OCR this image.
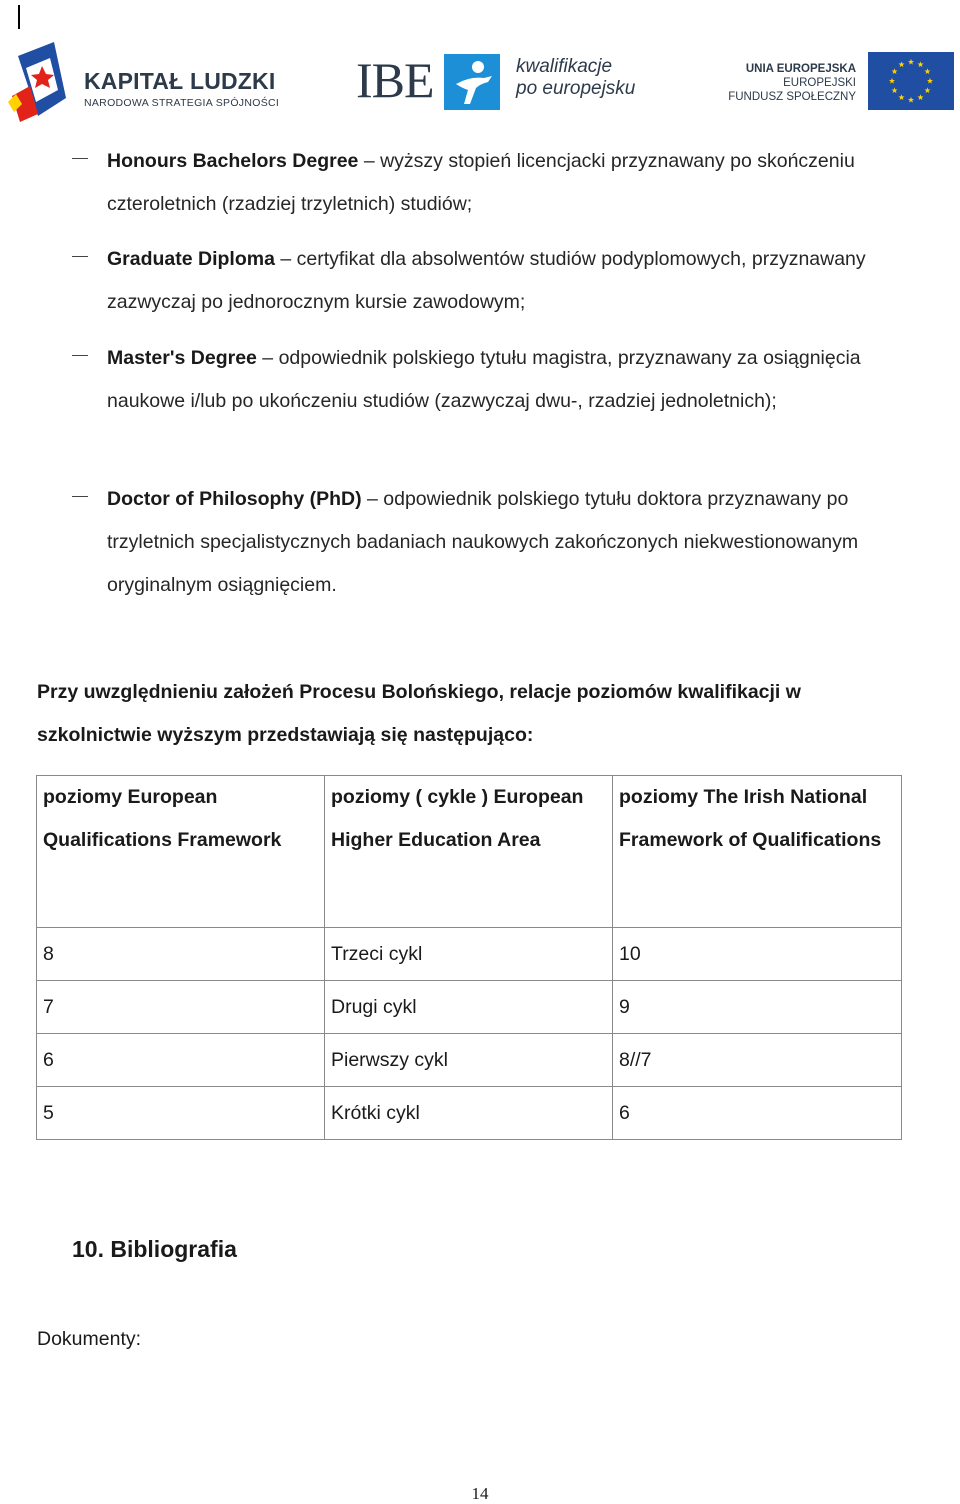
KAPITAŁ LUDZKI
NARODOWA STRATEGIA SPÓJNOŚCI IBE	kwalifikacje
po europejsku
UNIA EUROPEJSKA
EUROPEJSKI
FUNDUSZ SPOŁECZNY
Honours Bachelors Degree – wyższy stopień licencjacki przyznawany po skończeniu czteroletnich (rzadziej trzyletnich) studiów;
Graduate Diploma – certyfikat dla absolwentów studiów podyplomowych, przyznawany zazwyczaj po jednorocznym kursie zawodowym;
Master's Degree – odpowiednik polskiego tytułu magistra, przyznawany za osiągnięcia naukowe i/lub po ukończeniu studiów (zazwyczaj dwu-, rzadziej jednoletnich);
Doctor of Philosophy (PhD) – odpowiednik polskiego tytułu doktora przyznawany po trzyletnich specjalistycznych badaniach naukowych zakończonych niekwestionowanym oryginalnym osiągnięciem.
Przy uwzględnieniu założeń Procesu Bolońskiego, relacje poziomów kwalifikacji w szkolnictwie wyższym przedstawiają się następująco:
poziomy European Qualifications Framework	poziomy ( cykle ) European Higher Education Area	poziomy The Irish National Framework of Qualifications
8	Trzeci cykl	10
7	Drugi cykl	9
6	Pierwszy cykl	8//7
5	Krótki cykl	6
10. Bibliografia
Dokumenty:
14
